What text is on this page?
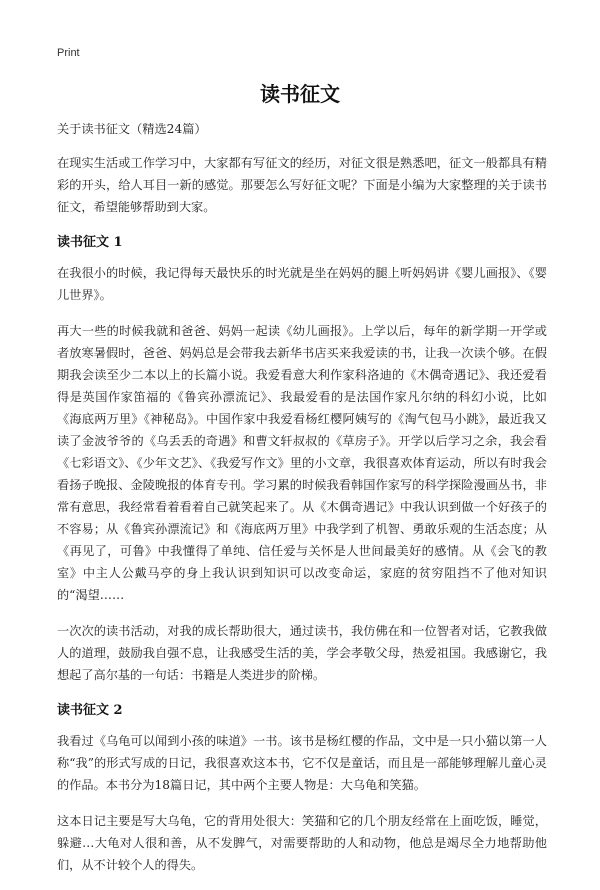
Print
读书征文

关于读书征文（精选24篇）

在现实生活或工作学习中，大家都有写征文的经历，对征文很是熟悉吧，征文一般都具有精彩的开头，给人耳目一新的感觉。那要怎么写好征文呢？下面是小编为大家整理的关于读书征文，希望能够帮助到大家。

读书征文 1

在我很小的时候，我记得每天最快乐的时光就是坐在妈妈的腿上听妈妈讲《婴儿画报》、《婴儿世界》。

再大一些的时候我就和爸爸、妈妈一起读《幼儿画报》。上学以后，每年的新学期一开学或者放寒暑假时，爸爸、妈妈总是会带我去新华书店买来我爱读的书，让我一次读个够。在假期我会读至少二本以上的长篇小说。我爱看意大利作家科洛迪的《木偶奇遇记》、我还爱看得是英国作家笛福的《鲁宾孙漂流记》、我最爱看的是法国作家凡尔纳的科幻小说，比如《海底两万里》《神秘岛》。中国作家中我爱看杨红樱阿姨写的《淘气包马小跳》，最近我又读了金波爷爷的《乌丢丢的奇遇》和曹文轩叔叔的《草房子》。开学以后学习之余，我会看《七彩语文》、《少年文艺》、《我爱写作文》里的小文章，我很喜欢体育运动，所以有时我会看扬子晚报、金陵晚报的体育专刊。学习累的时候我看韩国作家写的科学探险漫画丛书，非常有意思，我经常看着看着自己就笑起来了。从《木偶奇遇记》中我认识到做一个好孩子的不容易；从《鲁宾孙漂流记》和《海底两万里》中我学到了机智、勇敢乐观的生活态度；从《再见了，可鲁》中我懂得了单纯、信任爱与关怀是人世间最美好的感情。从《会飞的教室》中主人公戴马亭的身上我认识到知识可以改变命运，家庭的贫穷阻挡不了他对知识的“渴望……

一次次的读书活动，对我的成长帮助很大，通过读书，我仿佛在和一位智者对话，它教我做人的道理，鼓励我自强不息，让我感受生活的美，学会孝敬父母，热爱祖国。我感谢它，我想起了高尔基的一句话：书籍是人类进步的阶梯。

读书征文 2

我看过《乌龟可以闻到小孩的味道》一书。该书是杨红樱的作品，文中是一只小猫以第一人称“我”的形式写成的日记，我很喜欢这本书，它不仅是童话，而且是一部能够理解儿童心灵的作品。本书分为18篇日记，其中两个主要人物是：大乌龟和笑猫。

这本日记主要是写大乌龟，它的背用处很大：笑猫和它的几个朋友经常在上面吃饭，睡觉，躲避…大龟对人很和善，从不发脾气，对需要帮助的人和动物，他总是竭尽全力地帮助他们，从不计较个人的得失。
